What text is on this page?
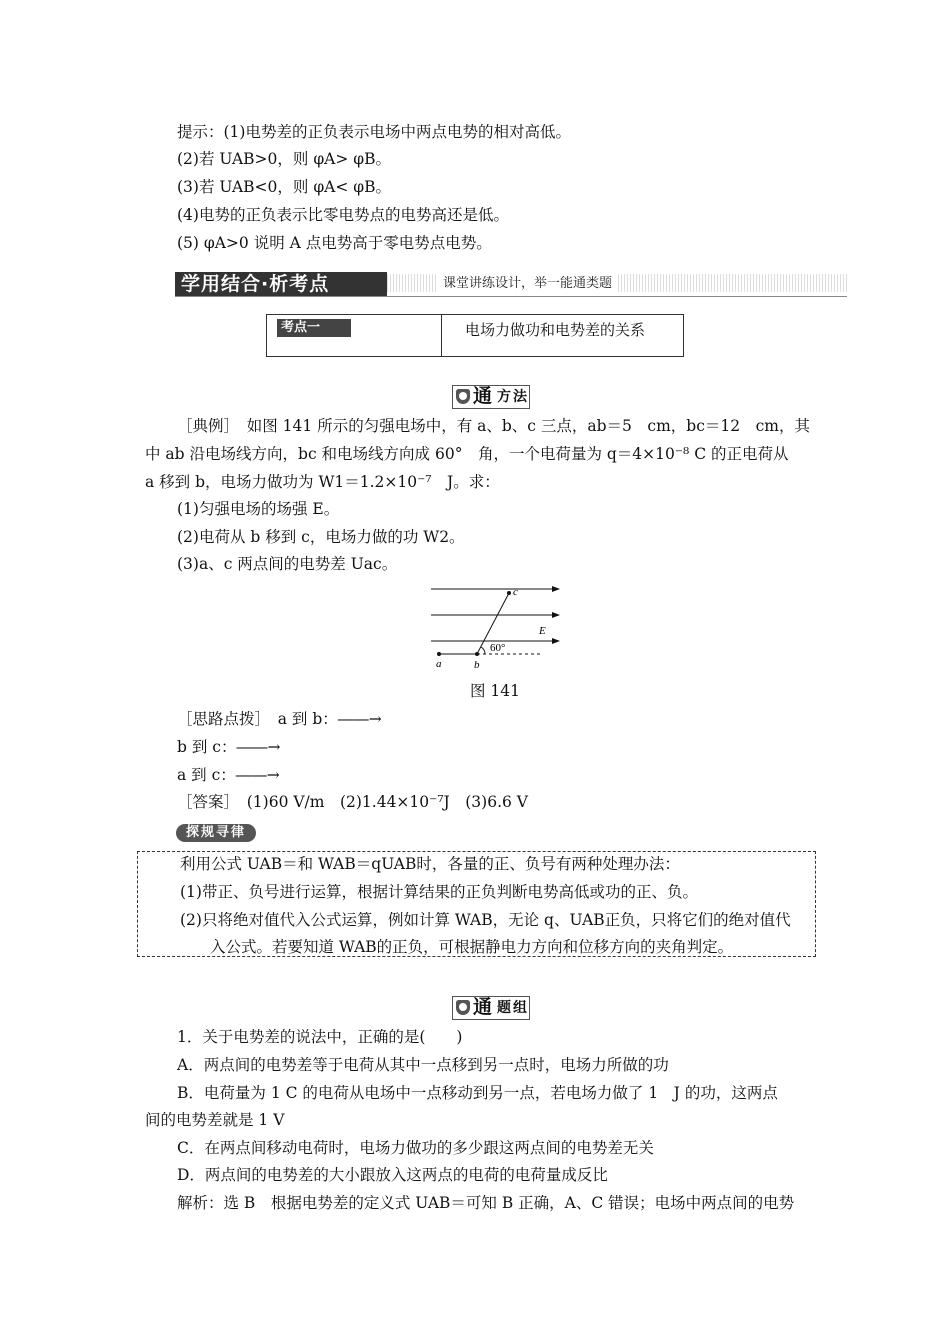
提示：(1)电势差的正负表示电场中两点电势的相对高低。
(2)若 UAB>0，则 φA> φB。
(3)若 UAB<0，则 φA< φB。
(4)电势的正负表示比零电势点的电势高还是低。
(5) φA>0 说明 A 点电势高于零电势点电势。
学用结合·析考点	课堂讲练设计，举一能通类题
考点一	电场力做功和电势差的关系
通 方法
［典例］　如图 141 所示的匀强电场中，有 a、b、c 三点，ab＝5　cm，bc＝12　cm，其
中 ab 沿电场线方向，bc 和电场线方向成 60°　角，一个电荷量为 q＝4×10⁻⁸ C 的正电荷从
a 移到 b，电场力做功为 W1＝1.2×10⁻⁷　J。求：
(1)匀强电场的场强 E。
(2)电荷从 b 移到 c，电场力做的功 W2。
(3)a、c 两点间的电势差 Uac。
a	b
c
E
60°
图 141
［思路点拨］　a 到 b：――→
b 到 c：――→
a 到 c：――→
［答案］　(1)60 V/m　(2)1.44×10⁻⁷J　(3)6.6 V
探规寻律
利用公式 UAB＝和 WAB＝qUAB时，各量的正、负号有两种处理办法：
(1)带正、负号进行运算，根据计算结果的正负判断电势高低或功的正、负。
(2)只将绝对值代入公式运算，例如计算 WAB，无论 q、UAB正负，只将它们的绝对值代
入公式。若要知道 WAB的正负，可根据静电力方向和位移方向的夹角判定。
通 题组
1．关于电势差的说法中，正确的是(　　)
A．两点间的电势差等于电荷从其中一点移到另一点时，电场力所做的功
B．电荷量为 1 C 的电荷从电场中一点移动到另一点，若电场力做了 1　J 的功，这两点
间的电势差就是 1 V
C．在两点间移动电荷时，电场力做功的多少跟这两点间的电势差无关
D．两点间的电势差的大小跟放入这两点的电荷的电荷量成反比
解析：选 B　根据电势差的定义式 UAB＝可知 B 正确，A、C 错误；电场中两点间的电势
